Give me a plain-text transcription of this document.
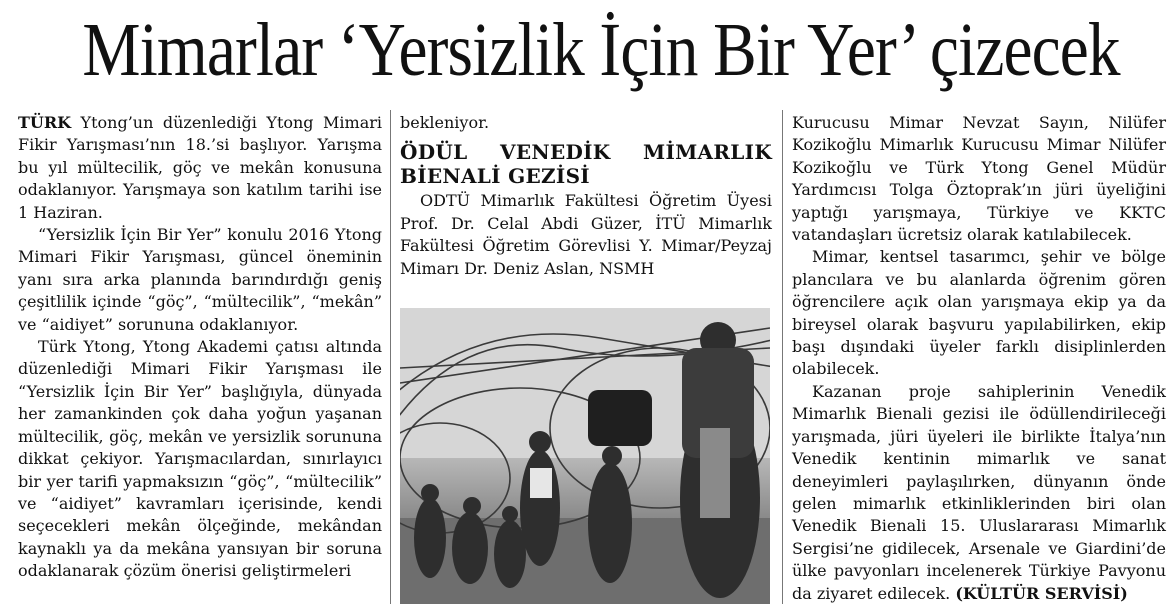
Mimarlar ‘Yersizlik İçin Bir Yer’ çizecek

TÜRK Ytong’un düzenlediği Ytong Mimari Fikir Yarışması’nın 18.’si başlıyor. Yarışma bu yıl mültecilik, göç ve mekân konusuna odaklanıyor. Yarışmaya son katılım tarihi ise 1 Haziran.

“Yersizlik İçin Bir Yer” konulu 2016 Ytong Mimari Fikir Yarışması, güncel öneminin yanı sıra arka planında barındırdığı geniş çeşitlilik içinde “göç”, “mültecilik”, “mekân” ve “aidiyet” sorununa odaklanıyor.

Türk Ytong, Ytong Akademi çatısı altında düzenlediği Mimari Fikir Yarışması ile “Yersizlik İçin Bir Yer” başlığıyla, dünyada her zamankinden çok daha yoğun yaşanan mültecilik, göç, mekân ve yersizlik sorununa dikkat çekiyor. Yarışmacılardan, sınırlayıcı bir yer tarifi yapmaksızın “göç”, “mültecilik” ve “aidiyet” kavramları içerisinde, kendi seçecekleri mekân ölçeğinde, mekândan kaynaklı ya da mekâna yansıyan bir soruna odaklanarak çözüm önerisi geliştirmeleri

bekleniyor.

ÖDÜL VENEDİK MİMARLIK BİENALİ GEZİSİ

ODTÜ Mimarlık Fakültesi Öğretim Üyesi Prof. Dr. Celal Abdi Güzer, İTÜ Mimarlık Fakültesi Öğretim Görevlisi Y. Mimar/Peyzaj Mimarı Dr. Deniz Aslan, NSMH

Kurucusu Mimar Nevzat Sayın, Nilüfer Kozikoğlu Mimarlık Kurucusu Mimar Nilüfer Kozikoğlu ve Türk Ytong Genel Müdür Yardımcısı Tolga Öztoprak’ın jüri üyeliğini yaptığı yarışmaya, Türkiye ve KKTC vatandaşları ücretsiz olarak katılabilecek.

Mimar, kentsel tasarımcı, şehir ve bölge plancılara ve bu alanlarda öğrenim gören öğrencilere açık olan yarışmaya ekip ya da bireysel olarak başvuru yapılabilirken, ekip başı dışındaki üyeler farklı disiplinlerden olabilecek.

Kazanan proje sahiplerinin Venedik Mimarlık Bienali gezisi ile ödüllendirileceği yarışmada, jüri üyeleri ile birlikte İtalya’nın Venedik kentinin mimarlık ve sanat deneyimleri paylaşılırken, dünyanın önde gelen mimarlık etkinliklerinden biri olan Venedik Bienali 15. Uluslararası Mimarlık Sergisi’ne gidilecek, Arsenale ve Giardini’de ülke pavyonları incelenerek Türkiye Pavyonu da ziyaret edilecek. (KÜLTÜR SERVİSİ)
